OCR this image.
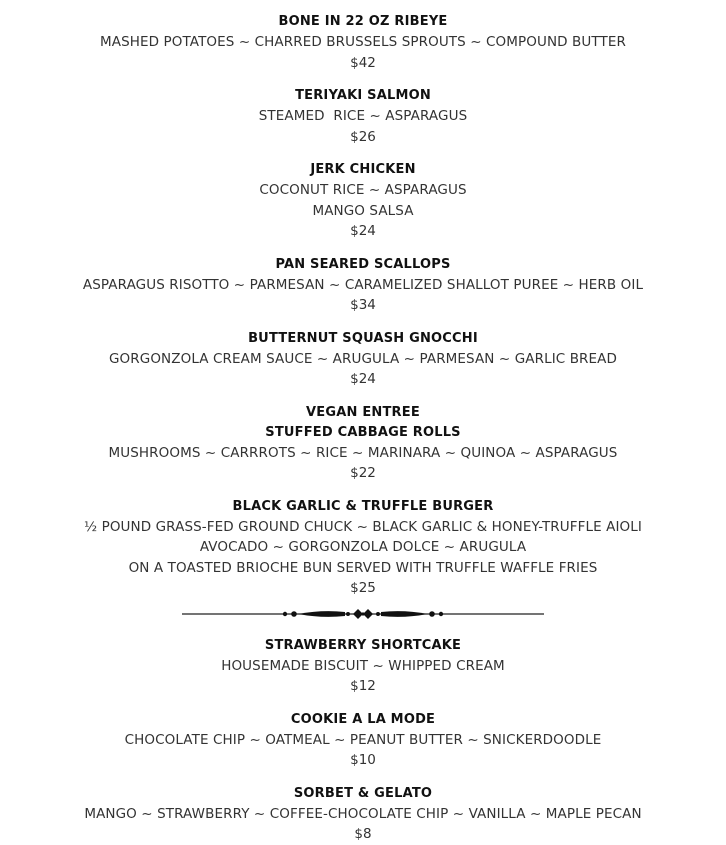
BONE IN 22 OZ RIBEYE
MASHED POTATOES ~ CHARRED BRUSSELS SPROUTS ~ COMPOUND BUTTER
$42
TERIYAKI SALMON
STEAMED  RICE ~ ASPARAGUS
$26
JERK CHICKEN
COCONUT RICE ~ ASPARAGUS
MANGO SALSA
$24
PAN SEARED SCALLOPS
ASPARAGUS RISOTTO ~ PARMESAN ~ CARAMELIZED SHALLOT PUREE ~ HERB OIL
$34
BUTTERNUT SQUASH GNOCCHI
GORGONZOLA CREAM SAUCE ~ ARUGULA ~ PARMESAN ~ GARLIC BREAD
$24
VEGAN ENTREE
STUFFED CABBAGE ROLLS
MUSHROOMS ~ CARRROTS ~ RICE ~ MARINARA ~ QUINOA ~ ASPARAGUS
$22
BLACK GARLIC & TRUFFLE BURGER
½ POUND GRASS-FED GROUND CHUCK ~ BLACK GARLIC & HONEY-TRUFFLE AIOLI
AVOCADO ~ GORGONZOLA DOLCE ~ ARUGULA
ON A TOASTED BRIOCHE BUN SERVED WITH TRUFFLE WAFFLE FRIES
$25
STRAWBERRY SHORTCAKE
HOUSEMADE BISCUIT ~ WHIPPED CREAM
$12
COOKIE A LA MODE
CHOCOLATE CHIP ~ OATMEAL ~ PEANUT BUTTER ~ SNICKERDOODLE
$10
SORBET & GELATO
MANGO ~ STRAWBERRY ~ COFFEE-CHOCOLATE CHIP ~ VANILLA ~ MAPLE PECAN
$8
